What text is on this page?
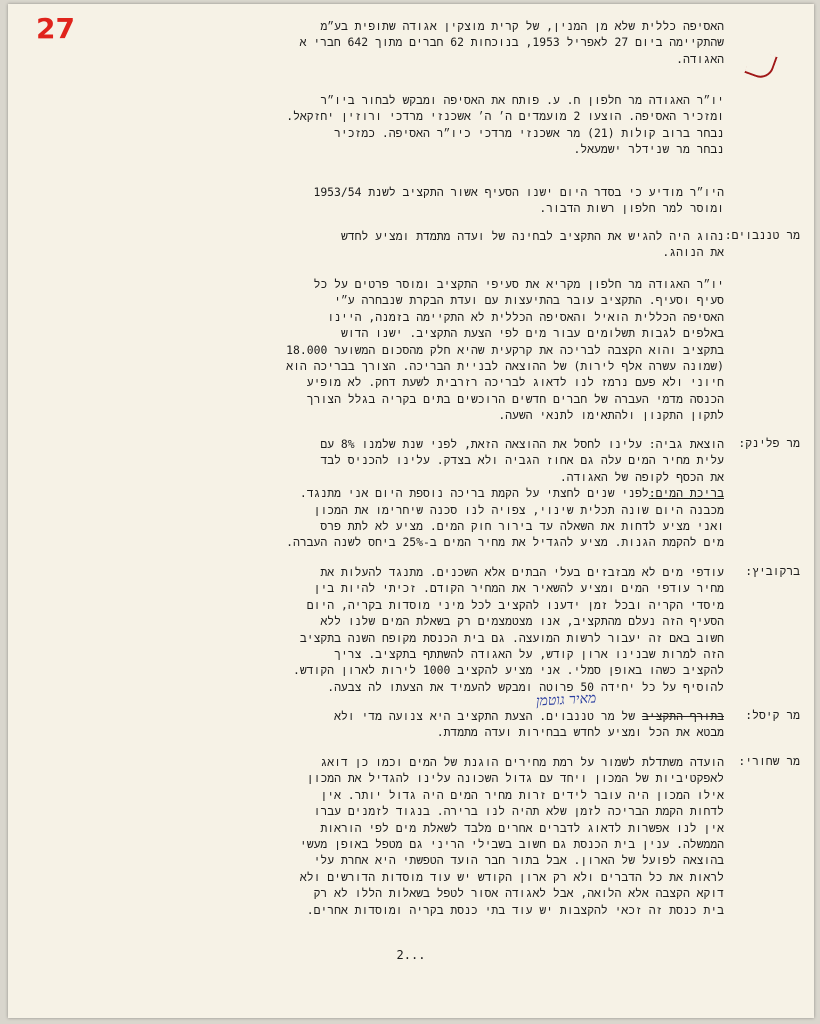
27	האסיפה כללית שלא מן המנין, של קרית מוצקין אגודה שתופית בע״מ

שהתקיימה ביום 27 לאפריל 1953, בנוכחות 62 חברים מתוך 642 חברי א

האגודה.

יו״ר האגודה מר חלפון ח. ע. פותח את האסיפה ומבקש לבחור ביו״ר

ומזכיר האסיפה. הוצעו 2 מועמדים ה׳ ה׳ אשכנזי מרדכי ורוזין יחזקאל.

נבחר ברוב קולות (21) מר אשכנזי מרדכי כיו״ר האסיפה. כמזכיר

נבחר מר שנידלר ישמעאל.

היו״ר מודיע כי בסדר היום ישנו הסעיף אשור התקציב לשנת 1953/54

ומוסר למר חלפון רשות הדבור.

מר טננבוים:

נהוג היה להגיש את התקציב לבחינה של ועדה מתמדת ומציע לחדש

את הנוהג.

יו״ר האגודה מר חלפון מקריא את סעיפי התקציב ומוסר פרטים על כל

סעיף וסעיף. התקציב עובר בהתיעצות עם ועדת הבקרת שנבחרה ע״י

האסיפה הכללית הואיל והאסיפה הכללית לא התקיימה בזמנה, היינו

באלפים לגבות תשלומים עבור מים לפי הצעת התקציב. ישנו הדוש

בתקציב והוא הקצבה לבריכה את קרקעית שהיא חלק מהסכום המשוער 18.000

(שמונה עשרה אלף לירות) של ההוצאה לבניית הבריכה. הצורך בבריכה הוא

חיוני ולא פעם נרמז לנו לדאוג לבריכה רזרבית לשעת דחק. לא מופיע

הכנסה מדמי העברה של חברים חדשים הרוכשים בתים בקריה בגלל הצורך

לתקון התקנון ולהתאימו לתנאי השעה.

מר פלינק:

הוצאת גביה: עלינו לחסל את ההוצאה הזאת, לפני שנת שלמנו 8% עם

עלית מחיר המים עלה גם אחוז הגביה ולא בצדק. עלינו להכניס לבד

את הכסף לקופה של האגודה.

בריכת המים:לפני שנים לחצתי על הקמת בריכה נוספת היום אני מתנגד.

מכבנה היום שונה תכלית שינוי, צפויה לנו סכנה שיחרימו את המכון

ואני מציע לדחות את השאלה עד בירור חוק המים. מציע לא לתת פרס

מים להקמת הגנות. מציע להגדיל את מחיר המים ב-25% ביחס לשנה העברה.

ברקוביץ:

עודפי מים לא מבזבזים בעלי הבתים אלא השכנים. מתנגד להעלות את

מחיר עודפי המים ומציע להשאיר את המחיר הקודם. זכיתי להיות בין

מיסדי הקריה ובכל זמן ידענו להקציב לכל מיני מוסדות בקריה, היום

הסעיף הזה נעלם מהתקציב, אנו מצטמצמים רק בשאלת המים שלנו ללא

חשוב באם זה יעבור לרשות המועצה. גם בית הכנסת מקופח השנה בתקציב

הזה למרות שבנינו ארון קודש, על האגודה להשתתף בתקציב. צריך

להקציב כשהו באופן סמלי. אני מציע להקציב 1000 לירות לארון הקודש.

להוסיף על כל יחידה 50 פרוטה ומבקש להעמיד את הצעתו לה צבעה.

מאיר גוטמן
מר קיסל:

בתורף התקציב של מר טננבוים. הצעת התקציב היא צנועה מדי ולא

מבטא את הכל ומציע לחדש בבחירות ועדה מתמדת.

מר שחורי:

הועדה משתדלת לשמור על רמת מחירים הוגנת של המים וכמו כן דואג

לאפקטיביות של המכון ויחד עם גדול השכונה עלינו להגדיל את המכון

אילו המכון היה עובר לידים זרות מחיר המים היה גדול יותר. אין

לדחות הקמת הבריכה לזמן שלא תהיה לנו ברירה. בנגוד לזמנים עברו

אין לנו אפשרות לדאוג לדברים אחרים מלבד לשאלת מים לפי הוראות

הממשלה. ענין בית הכנסת גם חשוב בשבילי הריני גם מטפל באופן מעשי

בהוצאה לפועל של הארון. אבל בתור חבר הועד הטפשתי היא אחרת עלי

לראות את כל הדברים ולא רק ארון הקודש יש עוד מוסדות הדורשים ולא

דוקא הקצבה אלא הלואה, אבל לאגודה אסור לטפל בשאלות הללו לא רק

בית כנסת זה זכאי להקצבות יש עוד בתי כנסת בקריה ומוסדות אחרים.

2...
